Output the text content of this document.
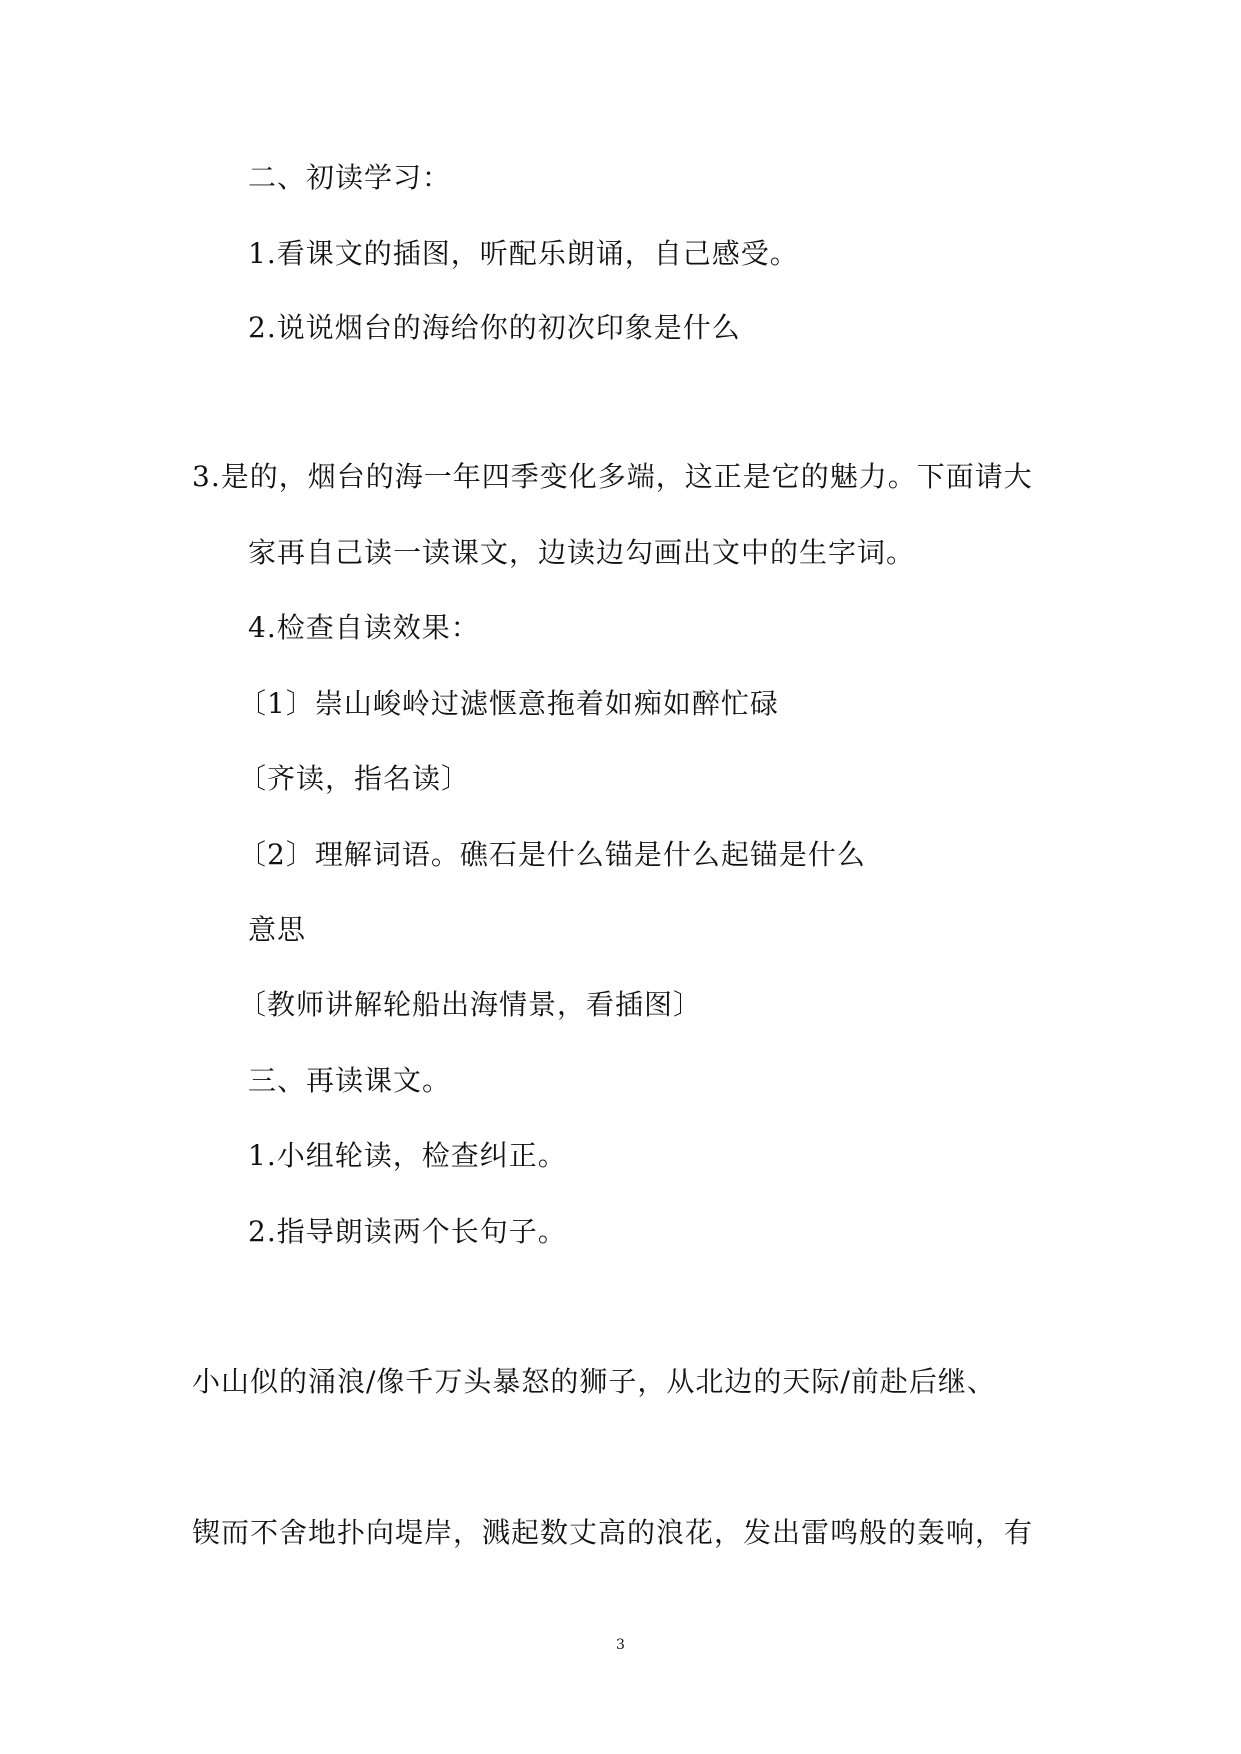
二、初读学习：
1.看课文的插图，听配乐朗诵，自己感受。
2.说说烟台的海给你的初次印象是什么
3.是的，烟台的海一年四季变化多端，这正是它的魅力。下面请大
家再自己读一读课文，边读边勾画出文中的生字词。
4.检查自读效果：
〔1〕崇山峻岭过滤惬意拖着如痴如醉忙碌
〔齐读，指名读〕
〔2〕理解词语。礁石是什么锚是什么起锚是什么
意思
〔教师讲解轮船出海情景，看插图〕
三、再读课文。
1.小组轮读，检查纠正。
2.指导朗读两个长句子。
小山似的涌浪/像千万头暴怒的狮子，从北边的天际/前赴后继、
锲而不舍地扑向堤岸，溅起数丈高的浪花，发出雷鸣般的轰响，有
3
